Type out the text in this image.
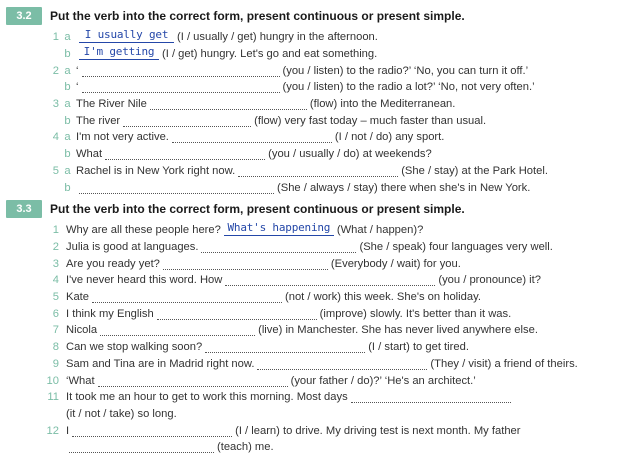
3.2	Put the verb into the correct form, present continuous or present simple.
1 a	I usually get (I / usually / get) hungry in the afternoon.
b	I'm getting (I / get) hungry. Let's go and eat something.
2 a ‘	(you / listen) to the radio?’ ‘No, you can turn it off.’
b ‘	(you / listen) to the radio a lot?’ ‘No, not very often.’
3 a The River Nile	(flow) into the Mediterranean.
b The river	(flow) very fast today – much faster than usual.
4 a I'm not very active.	(I / not / do) any sport.
b What	(you / usually / do) at weekends?
5 a Rachel is in New York right now.	(She / stay) at the Park Hotel.
b	(She / always / stay) there when she's in New York.
3.3	Put the verb into the correct form, present continuous or present simple.
1 Why are all these people here? What's happening (What / happen)?
2 Julia is good at languages.	(She / speak) four languages very well.
3 Are you ready yet?	(Everybody / wait) for you.
4 I've never heard this word. How	(you / pronounce) it?
5 Kate	(not / work) this week. She's on holiday.
6 I think my English	(improve) slowly. It's better than it was.
7 Nicola	(live) in Manchester. She has never lived anywhere else.
8 Can we stop walking soon?	(I / start) to get tired.
9 Sam and Tina are in Madrid right now.	(They / visit) a friend of theirs.
10 ‘What	(your father / do)?’ ‘He's an architect.’
11 It took me an hour to get to work this morning. Most days
(it / not / take) so long.
12 I	(I / learn) to drive. My driving test is next month. My father
(teach) me.
